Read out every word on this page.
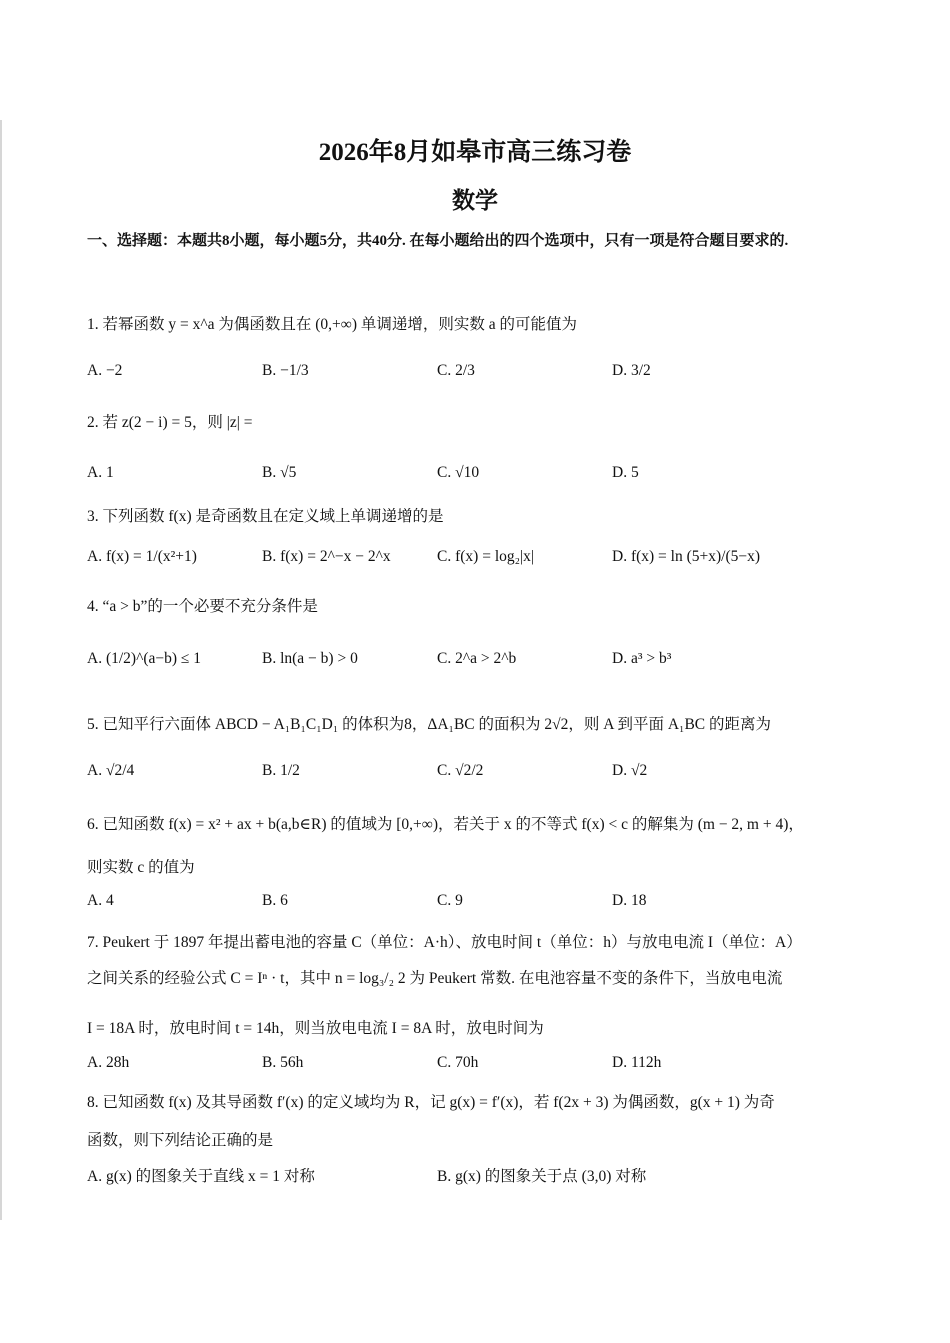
2026年8月如皋市高三练习卷
数学
一、选择题：本题共8小题，每小题5分，共40分. 在每小题给出的四个选项中，只有一项是符合题目要求的.
1. 若幂函数 y = x^a 为偶函数且在 (0,+∞) 单调递增，则实数 a 的可能值为
A. −2	B. −1/3	C. 2/3	D. 3/2
2. 若 z(2 − i) = 5，则 |z| =
A. 1	B. √5	C. √10	D. 5
3. 下列函数 f(x) 是奇函数且在定义域上单调递增的是
A. f(x) = 1/(x²+1)	B. f(x) = 2^−x − 2^x	C. f(x) = log₂|x|	D. f(x) = ln (5+x)/(5−x)
4. “a > b”的一个必要不充分条件是
A. (1/2)^(a−b) ≤ 1	B. ln(a − b) > 0	C. 2^a > 2^b	D. a³ > b³
5. 已知平行六面体 ABCD − A₁B₁C₁D₁ 的体积为8，ΔA₁BC 的面积为 2√2，则 A 到平面 A₁BC 的距离为
A. √2/4	B. 1/2	C. √2/2	D. √2
6. 已知函数 f(x) = x² + ax + b(a,b∈R) 的值域为 [0,+∞)，若关于 x 的不等式 f(x) < c 的解集为 (m − 2, m + 4)，
则实数 c 的值为
A. 4	B. 6	C. 9	D. 18
7. Peukert 于 1897 年提出蓄电池的容量 C（单位：A·h）、放电时间 t（单位：h）与放电电流 I（单位：A）
之间关系的经验公式 C = Iⁿ · t，其中 n = log₃/₂ 2 为 Peukert 常数. 在电池容量不变的条件下，当放电电流
I = 18A 时，放电时间 t = 14h，则当放电电流 I = 8A 时，放电时间为
A. 28h	B. 56h	C. 70h	D. 112h
8. 已知函数 f(x) 及其导函数 f′(x) 的定义域均为 R，记 g(x) = f′(x)，若 f(2x + 3) 为偶函数，g(x + 1) 为奇
函数，则下列结论正确的是
A. g(x) 的图象关于直线 x = 1 对称	B. g(x) 的图象关于点 (3,0) 对称
